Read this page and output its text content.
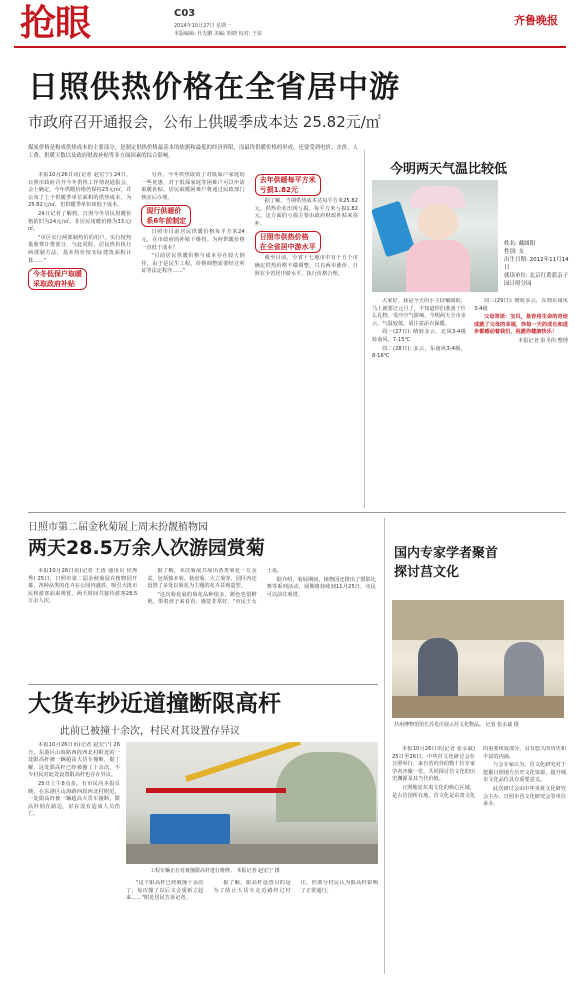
抢眼	C03
2014年10月27日 星期一
本版编辑: 杜先鹏 美编: 咀晓 校对: 王荣
齐鲁晚报
日照供热价格在全省居中游
市政府召开通报会，公布上供暖季成本达 25.82元/㎡
煤炭价格是构成供热成本的主要部分，是制定供热价格最基本的依据和最低的经济界限，而最终供暖价格的形成，还要受到电价、水价、人工费、供暖天数以及政府财政补贴等多方面因素的综合影响。

本报10月26日讯(记者 赵宏宁) 24日，日照市政府召开今冬供热工作情况通报会，会上确定，今年供暖价格仍保持23元/㎡，并公布了上个供暖季单位面积的供热成本，为25.82元/㎡，但供暖季单价却低于成本。

24日记者了解到，日照今冬居民用暖价格依旧为24元/㎡，非居民用暖价格为33元/㎡。

"市区实行两部制热价的用户，实行按热量收费计费部分，与此同时，居民热价执行两部制方法，基本热价按实际建筑面积计算……"

今冬低保户取暖
采取政府补贴

另外，今冬供热取消了对低保户家庭的一些优惠，对于低保家庭等困难户可以申请取暖补贴，居民取暖困难户将通过民政部门核实后办理。

现行供暖价
系6年前制定

日照市目前居民供暖价格每平方米24元，在市政府的补贴下维持。为何供暖价格一直低于成本？

"目前居民供暖价格与成本存在较大倒挂，由于是民生工程，价格调整需要经过听证等法定程序……"

去年供暖每平方米
亏损1.82元

据了解，当期供热成本达每平方米25.82元，供热企业出现亏损，每平方米亏损1.82元。这方面的亏损主要由政府财政补贴来弥补。

日照市供热价格
在全省居中游水平

截至目前，全省十七地市中有十五个市确定供热价格不做调整，只有两市涨价，日照在全省居中游水平，执行价格合理。

今明两天气温比较低
姓名: 戴圆阳
性别: 女
出生日期: 2012年11月14日
就读单位: 北京红黄蓝亲子园日照分园

大家好，我是今天的小主持戴圆阳，马上就要过元旦了，不知道你们准备了什么礼物，受冷空气影响，今明两天全市多云，气温较低，请注意添衣保暖。

周一(27日): 晴转多云，北风3-4级转南风，7-15℃

周二(28日): 多云，东南风3-4级，8-16℃

周三(29日): 晴转多云，东到东南风3-4级

父母寄语：宝贝，是你用生命的奇迹成就了父母的幸福，你每一天的成长和进步都感动着我们，祝愿你健康快乐！

本报记者 彭圣伟 整理

日照市第二届金秋菊展上周末扮靓植物园
两天28.5万余人次游园赏菊

本报10月26日讯(记者 王涛 通讯员 侯秀秀) 25日，日照市第二届金秋菊展在植物园开幕，各种品类的花卉在公园内盛放，吸引大批市民和游客前来观赏，两天时间共接待游客28.5万余人次。

据了解，本次菊展共展出各类菊花一万余盆，包括独本菊、悬崖菊、大立菊等，园区内还设置了多处以菊花为主题的花卉景观造型。

"这次菊花展的菊花品种很多，颜色也很鲜艳，带着孩子来看看，感觉非常好。"市民王女士说。

据介绍，菊展期间，植物园还推出了摄影比赛等系列活动，展期将持续到11月25日，市民可以前往观赏。

国内专家学者聚首
探讨莒文化
莒州博物馆馆长苏兆庆展示莒文化物品。 记者 张永斌 摄

本报10月26日讯(记者 张永斌) 25日至26日，中华莒文化研讨会在日照举行，来自省内外的数十位专家学者齐聚一堂，共同探讨莒文化的历史渊源及其当代价值。

日照地处东夷文化的核心区域，是古莒国所在地，莒文化是东夷文化的重要组成部分，具有悠久的历史和丰富的内涵。

与会专家认为，莒文化研究对于挖掘日照地方历史文化资源，提升城市文化品位具有重要意义。

此次研讨会由中华炎黄文化研究会主办，日照市莒文化研究会等单位承办。

大货车抄近道撞断限高杆
此前已被撞十余次，村民对其设置存异议

本报10月26日讯(记者 赵宏宁) 26日，东港区山海路西段西北村附近的一处限高杆被一辆超高大货车撞断，据了解，这处限高杆已经被撞了十余次，不少村民对此处设置限高杆也存在异议。

25日上午8点多，有市民向本报反映，在东港区山海路西段西北村附近，一处限高杆被一辆超高大货车撞断，限高杆倒在路边，好在没有造成人员伤亡。

工程车辆正在对被撞限高杆进行维修。 本报记者 赵宏宁 摄

"这个限高杆已经被撞十余次了，每次撞了以后又会重新立起来……"附近居民告诉记者。

据了解，限高杆设置目的是为了防止大货车走近路经过村庄，但部分村民认为限高杆影响了正常通行。
